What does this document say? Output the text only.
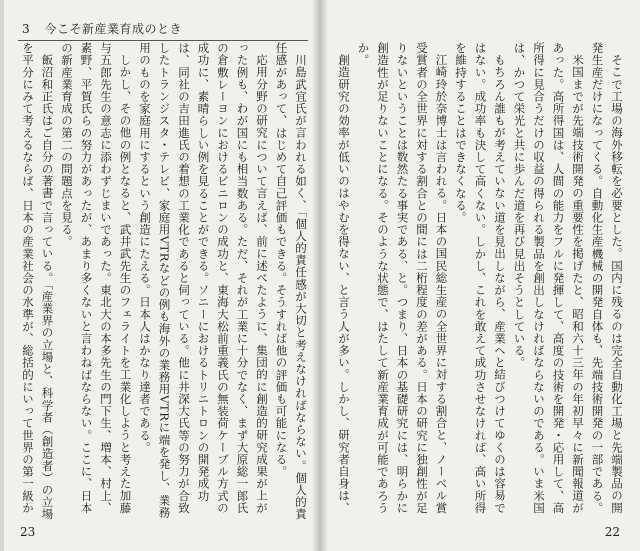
3 今こそ新産業育成のとき

川島武宜氏が言われる如く、「個人的責任感が大切と考えなければならない。個人的責任感があって、はじめて自己評価もできる。そうすれば他の評価も可能になる。

応用分野の研究について言えば、前に述べたように、集団的に創造的研究成果が上がった例も、わが国にも相当数ある。ただ、それが工業に十分でなく、まず大原総一郎氏の倉敷レーヨンにおけるビニロンの成功と、東海大松前重義氏の無装荷ケーブル方式の成功に、素晴らしい例を見ることができる。ソニーにおけるトリニトロンの開発成功は、同社の吉田進氏の着想の工業化であると伺っている。他に井深大氏等の努力が合致したトランジスタ・テレビ、家庭用VTRなどの例も海外の業務用VTRに端を発し、業務用のものを家庭用にするという創造にたえる。日本人はかなり達者である。

しかし、その他の例となると、武井武先生のフェライトを工業化しようと考えた加藤与五郎先生の意志に添わずじまいであった。東北大の本多先生の門下生、増本、村上、素野、平賀氏らの努力があったが、あまり多くないと言わねばならない。ここに、日本の新産業育成の第二の問題点を見る。

飯沼和正氏はご自分の著書で言っている。「産業界の立場と、科学者（創造者）の立場を平分にみて考えるならば、日本の産業社会の水準が、総括的にいって世界の第一級か

23

そこで工場の海外移転を必要とした。国内に残るのは完全自動化工場と先端製品の開発生産だけになってくる。自動化生産機械の開発自体も、先端技術開発の一部である。

米国までが先端技術開発の重要性を掲げたと、昭和六十三年の年初早々に新聞報道があった。高所得国は、人間の能力をフルに発揮して、高度の技術を開発・応用して、高所得に見合うだけの収益の得られる製品を創出しなければならないのである。いま米国は、かつて栄光と共に歩んだ道を再び見出そうとしている。

もちろん誰もが考えていない道を見出しながら、産業へと結びつけてゆくのは容易ではない。成功率も決して高くない。しかし、これを敢えて成功させなければ、高い所得を維持することはできなくなる。

江崎玲於奈博士は言われる。日本の国民総生産の全世界に対する割合と、ノーベル賞受賞者の全世界に対する割合との間には二桁程度の差がある。日本の研究に独創性が足りないということは数然たる事実である、と。つまり、日本の基礎研究には、明らかに創造性が足りないことになる。そのような状態で、はたして新産業育成が可能であろうか。

創造研究の効率が低いのはやむを得ない、と言う人が多い。しかし、研究者自身は、

22
